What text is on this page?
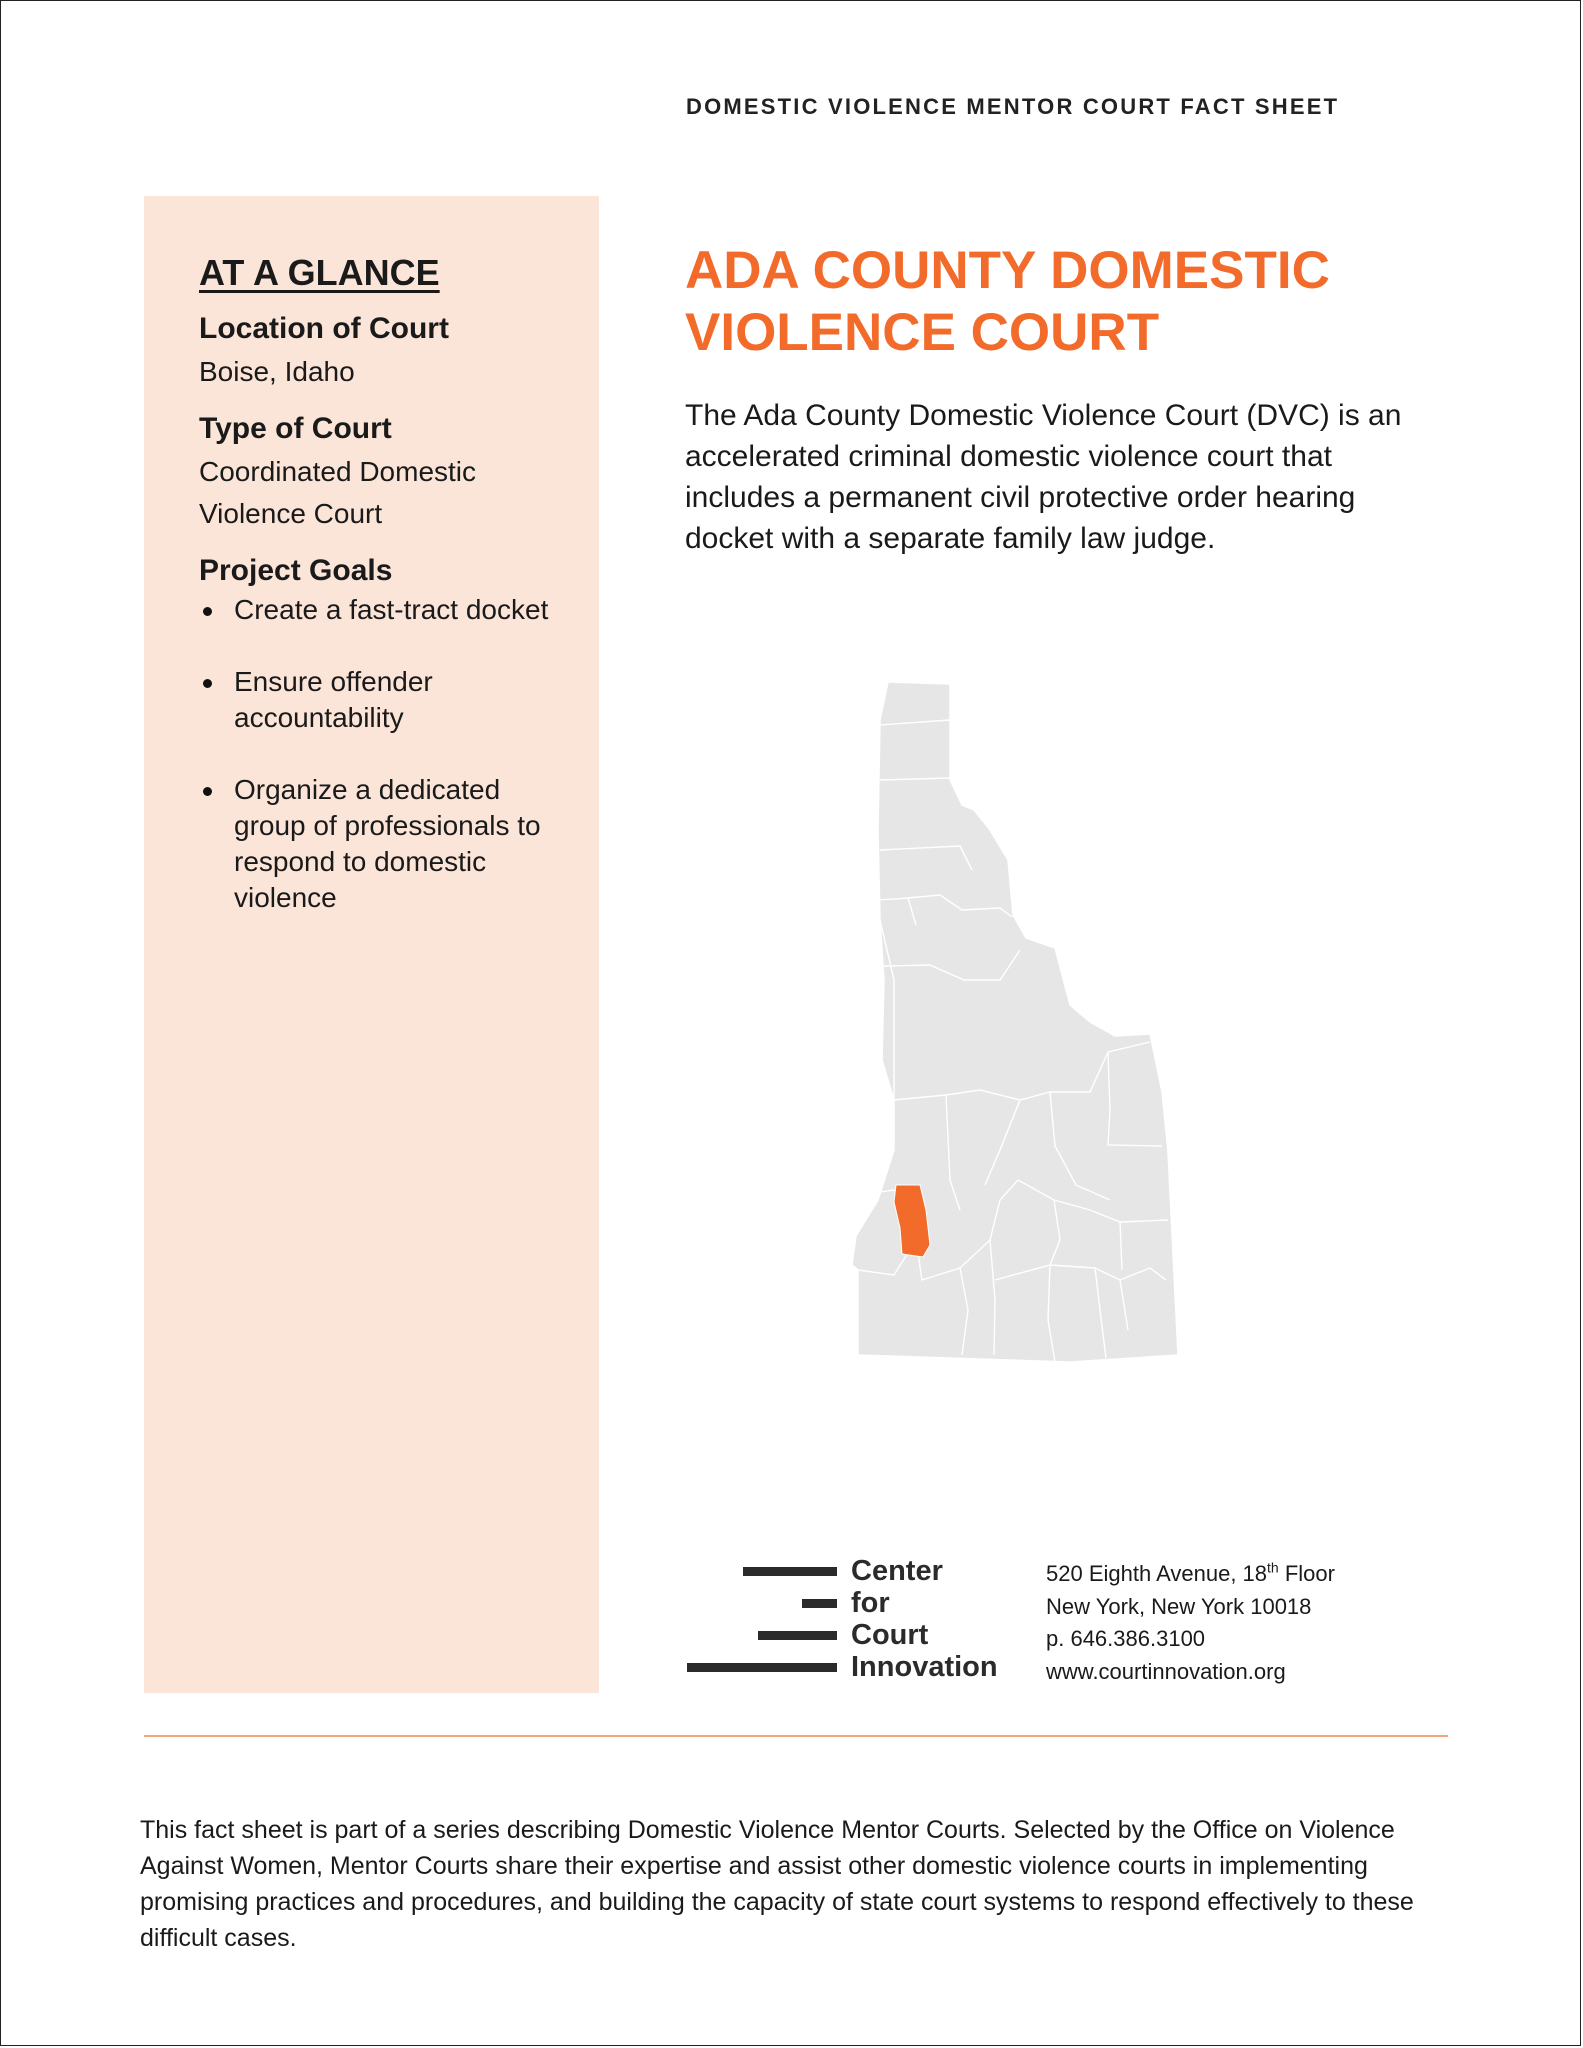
DOMESTIC VIOLENCE MENTOR COURT FACT SHEET
AT A GLANCE
Location of Court
Boise, Idaho
Type of Court
Coordinated Domestic Violence Court
Project Goals
Create a fast-tract docket
Ensure offender accountability
Organize a dedicated group of professionals to respond to domestic violence
ADA COUNTY DOMESTIC VIOLENCE COURT

The Ada County Domestic Violence Court (DVC) is an accelerated criminal domestic violence court that includes a permanent civil protective order hearing docket with a separate family law judge.

Center
for
Court
Innovation
520 Eighth Avenue, 18th Floor
New York, New York 10018
p. 646.386.3100
www.courtinnovation.org

This fact sheet is part of a series describing Domestic Violence Mentor Courts. Selected by the Office on Violence Against Women, Mentor Courts share their expertise and assist other domestic violence courts in implementing promising practices and procedures, and building the capacity of state court systems to respond effectively to these difficult cases.
